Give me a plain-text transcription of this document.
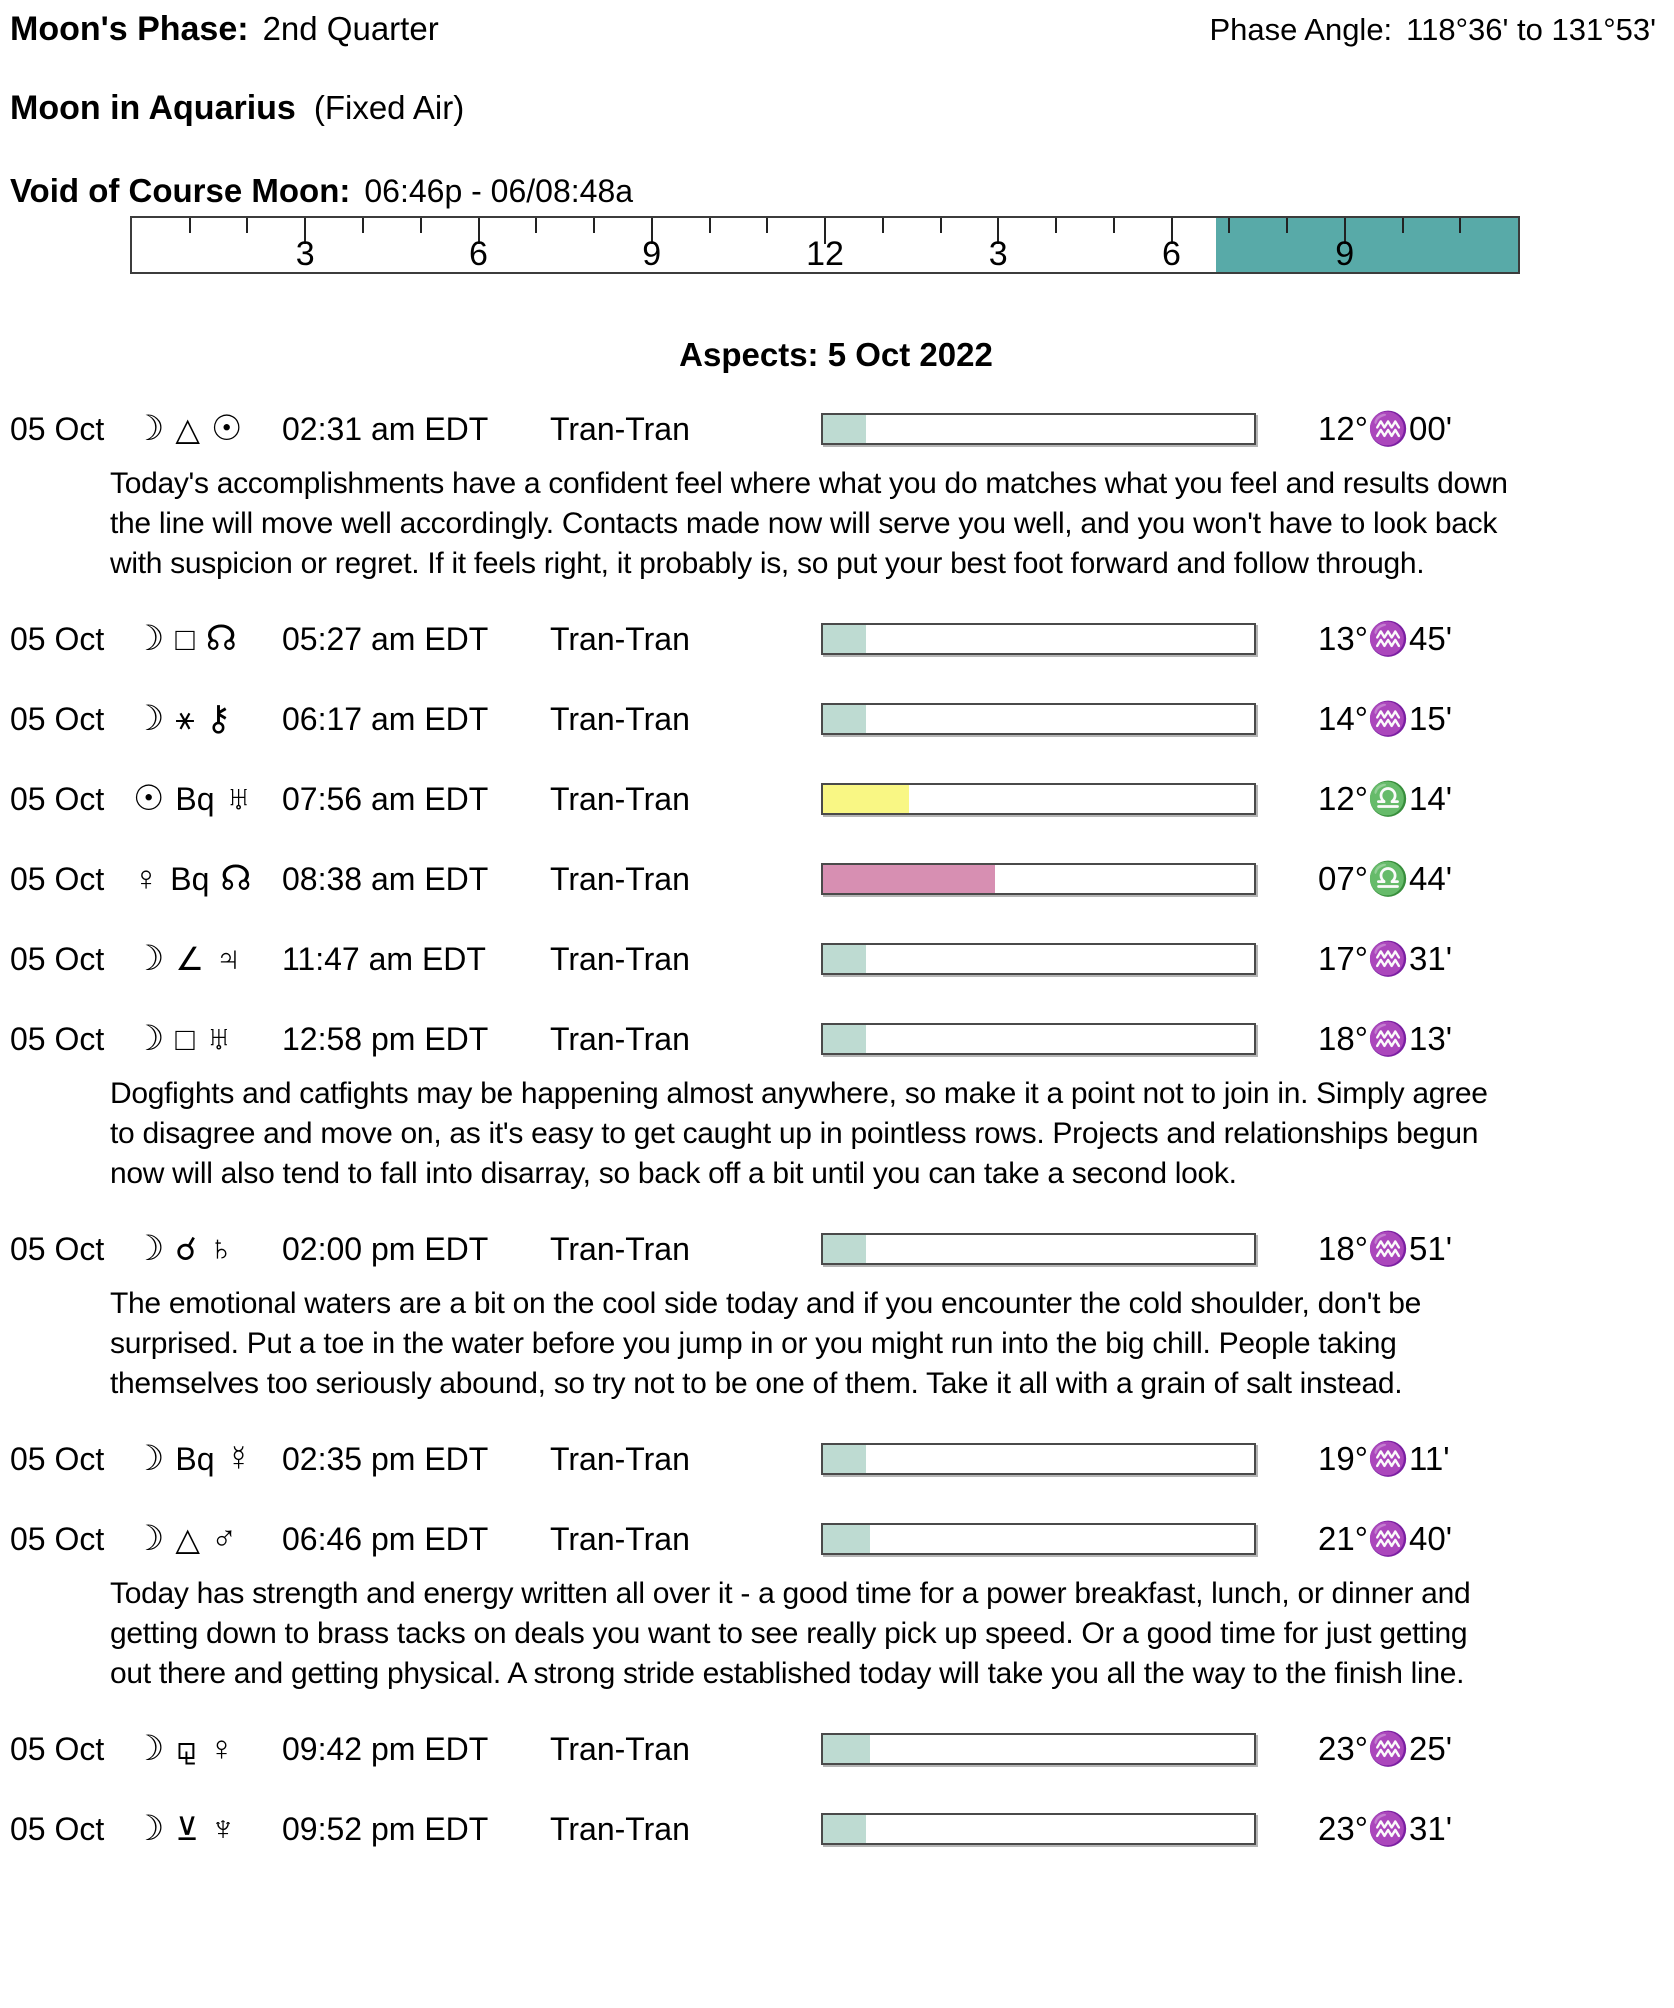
Moon's Phase: 2nd Quarter	Phase Angle: 118°36' to 131°53'
Moon in Aquarius (Fixed Air)
Void of Course Moon: 06:46p - 06/08:48a
3	6	9	12	3	6	9
Aspects: 5 Oct 2022
05 Oct ☽ △ ☉ 02:31 am EDT	Tran-Tran	12°♒00'
Today's accomplishments have a confident feel where what you do matches what you feel and results down the line will move well accordingly. Contacts made now will serve you well, and you won't have to look back with suspicion or regret. If it feels right, it probably is, so put your best foot forward and follow through.
05 Oct ☽ □ ☊ 05:27 am EDT	Tran-Tran	13°♒45'
05 Oct ☽ ⚹ ⚷ 06:17 am EDT	Tran-Tran	14°♒15'
05 Oct ☉ Bq ♅ 07:56 am EDT	Tran-Tran	12°♎14'
05 Oct ♀ Bq ☊ 08:38 am EDT	Tran-Tran	07°♎44'
05 Oct ☽ ∠ ♃ 11:47 am EDT	Tran-Tran	17°♒31'
05 Oct ☽ □ ♅ 12:58 pm EDT	Tran-Tran	18°♒13'
Dogfights and catfights may be happening almost anywhere, so make it a point not to join in. Simply agree to disagree and move on, as it's easy to get caught up in pointless rows. Projects and relationships begun now will also tend to fall into disarray, so back off a bit until you can take a second look.
05 Oct ☽ ☌ ♄ 02:00 pm EDT	Tran-Tran	18°♒51'
The emotional waters are a bit on the cool side today and if you encounter the cold shoulder, don't be surprised. Put a toe in the water before you jump in or you might run into the big chill. People taking themselves too seriously abound, so try not to be one of them. Take it all with a grain of salt instead.
05 Oct ☽ Bq ☿ 02:35 pm EDT	Tran-Tran	19°♒11'
05 Oct ☽ △ ♂ 06:46 pm EDT	Tran-Tran	21°♒40'
Today has strength and energy written all over it - a good time for a power breakfast, lunch, or dinner and getting down to brass tacks on deals you want to see really pick up speed. Or a good time for just getting out there and getting physical. A strong stride established today will take you all the way to the finish line.
05 Oct ☽ ⚼ ♀ 09:42 pm EDT	Tran-Tran	23°♒25'
05 Oct ☽ ⊻ ♆ 09:52 pm EDT	Tran-Tran	23°♒31'
